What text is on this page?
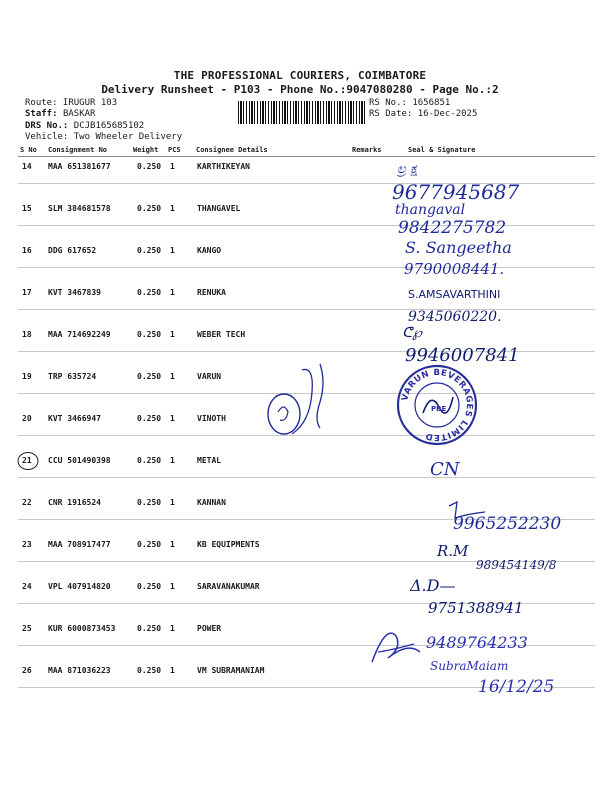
THE PROFESSIONAL COURIERS, COIMBATORE
Delivery Runsheet - P103 - Phone No.:9047080280 - Page No.:2
Route: IRUGUR 103
Staff: BASKAR
DRS No.: DCJB165685102
Vehicle: Two Wheeler Delivery
RS No.: 1656851
RS Date: 16-Dec-2025
S No Consignment No	Weight PCS Consignee Details	Remarks	Seal & Signature
14 MAA 651381677	0.250 1	KARTHIKEYAN
15 SLM 384681578	0.250 1	THANGAVEL
16 DDG 617652	0.250 1	KANGO
17 KVT 3467839	0.250 1	RENUKA
18 MAA 714692249	0.250 1	WEBER TECH
19 TRP 635724	0.250 1	VARUN
20 KVT 3466947	0.250 1	VINOTH
21 CCU 501490398	0.250 1	METAL
22 CNR 1916524	0.250 1	KANNAN
23 MAA 708917477	0.250 1	KB EQUIPMENTS
24 VPL 407914820	0.250 1	SARAVANAKUMAR
25 KUR 6000873453	0.250 1	POWER
26 MAA 871036223	0.250 1	VM SUBRAMANIAM
ಲ್ರ ಕ್ಷ
9677945687
thangaval
9842275782
S. Sangeetha
9790008441.
S.AMSAVARTHINI
9345060220.
ᕦ℘
9946007841
VARUN BEVERAGES LIMITED
PBE
CN
9965252230
R.M
989454149/8
Δ.D—
9751388941
9489764233
SubraMaiam
16/12/25
